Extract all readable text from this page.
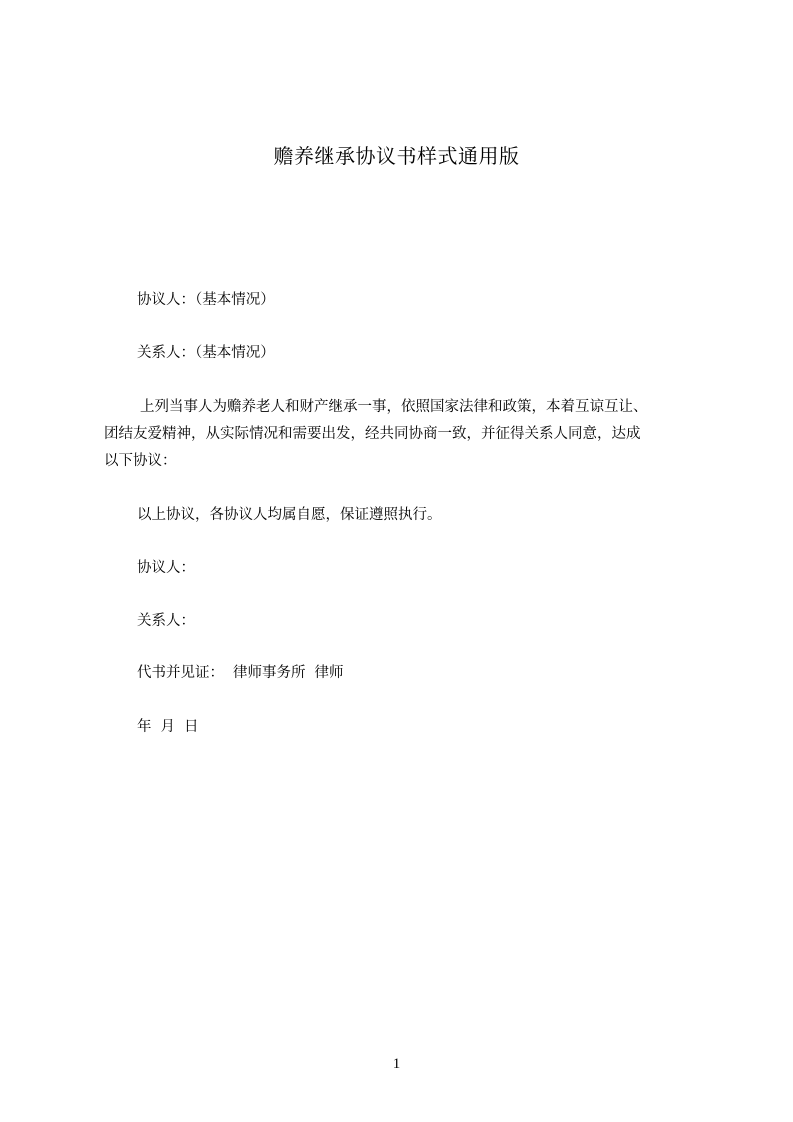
赡养继承协议书样式通用版
协议人：（基本情况）
关系人：（基本情况）
上列当事人为赡养老人和财产继承一事，依照国家法律和政策，本着互谅互让、
团结友爱精神，从实际情况和需要出发，经共同协商一致，并征得关系人同意，达成
以下协议：
以上协议，各协议人均属自愿，保证遵照执行。
协议人：
关系人：
代书并见证： 律师事务所 律师
年 月 日
1
